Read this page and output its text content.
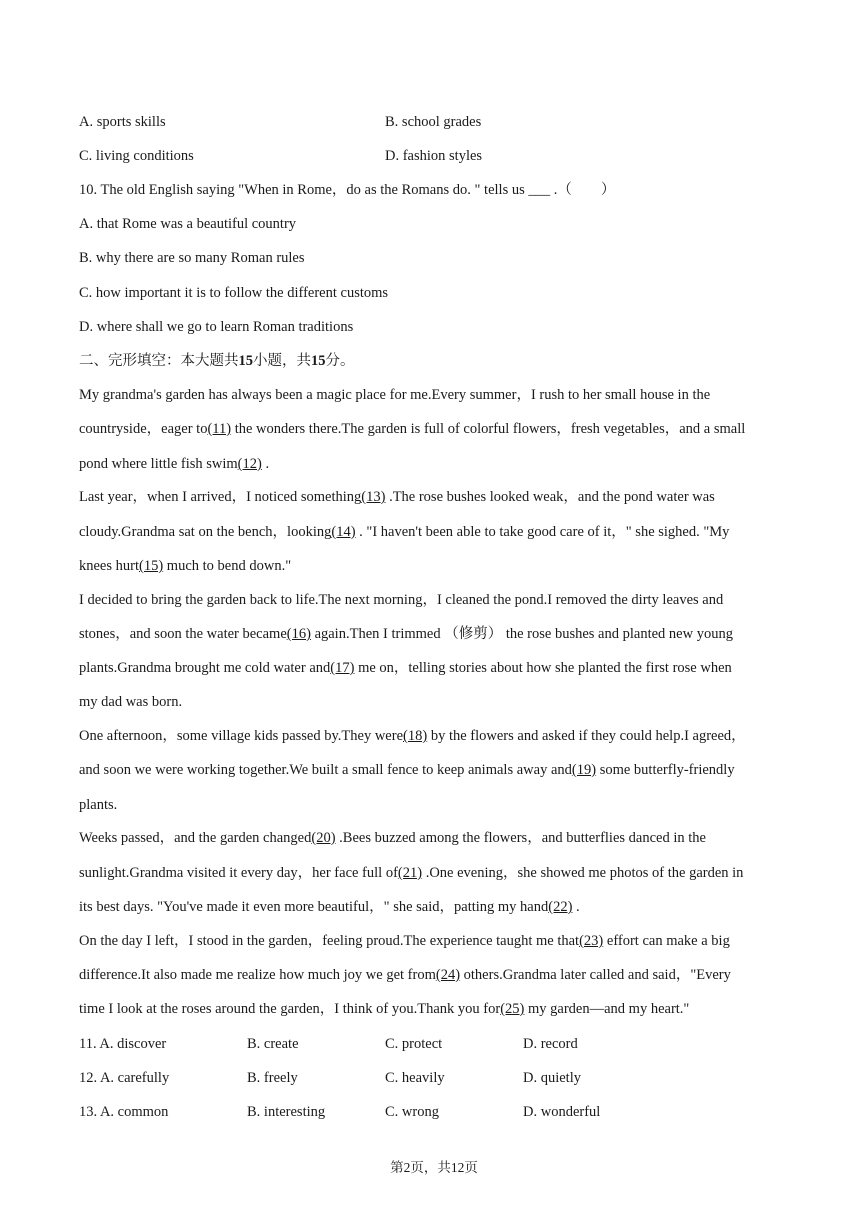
A. sports skills	B. school grades
C. living conditions	D. fashion styles
10. The old English saying "When in Rome，do as the Romans do. " tells us ___ .（　　）
A. that Rome was a beautiful country
B. why there are so many Roman rules
C. how important it is to follow the different customs
D. where shall we go to learn Roman traditions
二、完形填空：本大题共15小题，共15分。
My grandma's garden has always been a magic place for me.Every summer，I rush to her small house in the
countryside，eager to(11) the wonders there.The garden is full of colorful flowers，fresh vegetables，and a small
pond where little fish swim(12) .
Last year，when I arrived，I noticed something(13) .The rose bushes looked weak，and the pond water was
cloudy.Grandma sat on the bench，looking(14) . "I haven't been able to take good care of it，" she sighed. "My
knees hurt(15) much to bend down."
I decided to bring the garden back to life.The next morning，I cleaned the pond.I removed the dirty leaves and
stones，and soon the water became(16) again.Then I trimmed （修剪） the rose bushes and planted new young
plants.Grandma brought me cold water and(17) me on，telling stories about how she planted the first rose when
my dad was born.
One afternoon，some village kids passed by.They were(18) by the flowers and asked if they could help.I agreed，
and soon we were working together.We built a small fence to keep animals away and(19) some butterfly-friendly
plants.
Weeks passed，and the garden changed(20) .Bees buzzed among the flowers，and butterflies danced in the
sunlight.Grandma visited it every day，her face full of(21) .One evening，she showed me photos of the garden in
its best days. "You've made it even more beautiful，" she said，patting my hand(22) .
On the day I left，I stood in the garden，feeling proud.The experience taught me that(23) effort can make a big
difference.It also made me realize how much joy we get from(24) others.Grandma later called and said，"Every
time I look at the roses around the garden，I think of you.Thank you for(25) my garden—and my heart."
11. A. discover	B. create	C. protect	D. record
12. A. carefully	B. freely	C. heavily	D. quietly
13. A. common	B. interesting	C. wrong	D. wonderful
第2页，共12页
